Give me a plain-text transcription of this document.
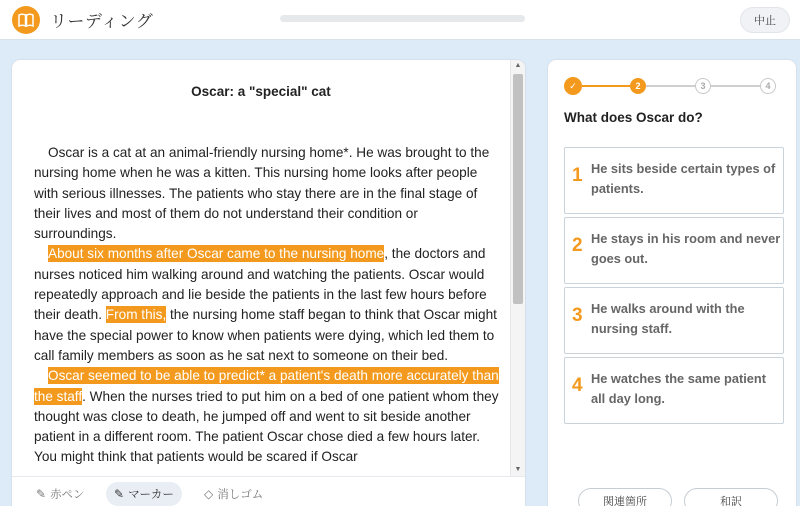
リーディング	中止
Oscar: a "special" cat

Oscar is a cat at an animal-friendly nursing home*. He was brought to the nursing home when he was a kitten. This nursing home looks after people with serious illnesses. The patients who stay there are in the final stage of their lives and most of them do not understand their condition or surroundings.

About six months after Oscar came to the nursing home, the doctors and nurses noticed him walking around and watching the patients. Oscar would repeatedly approach and lie beside the patients in the last few hours before their death. From this, the nursing home staff began to think that Oscar might have the special power to know when patients were dying, which led them to call family members as soon as he sat next to someone on their bed.

Oscar seemed to be able to predict* a patient's death more accurately than the staff. When the nurses tried to put him on a bed of one patient whom they thought was close to death, he jumped off and went to sit beside another patient in a different room. The patient Oscar chose died a few hours later. You might think that patients would be scared if Oscar

▲
▼
✎ 赤ペン ✎ マーカー	◇ 消しゴム
✓	2	3	4
What does Oscar do?
1 He sits beside certain types of patients.
2 He stays in his room and never goes out.
3 He walks around with the nursing staff.
4 He watches the same patient all day long.
関連箇所	和訳
